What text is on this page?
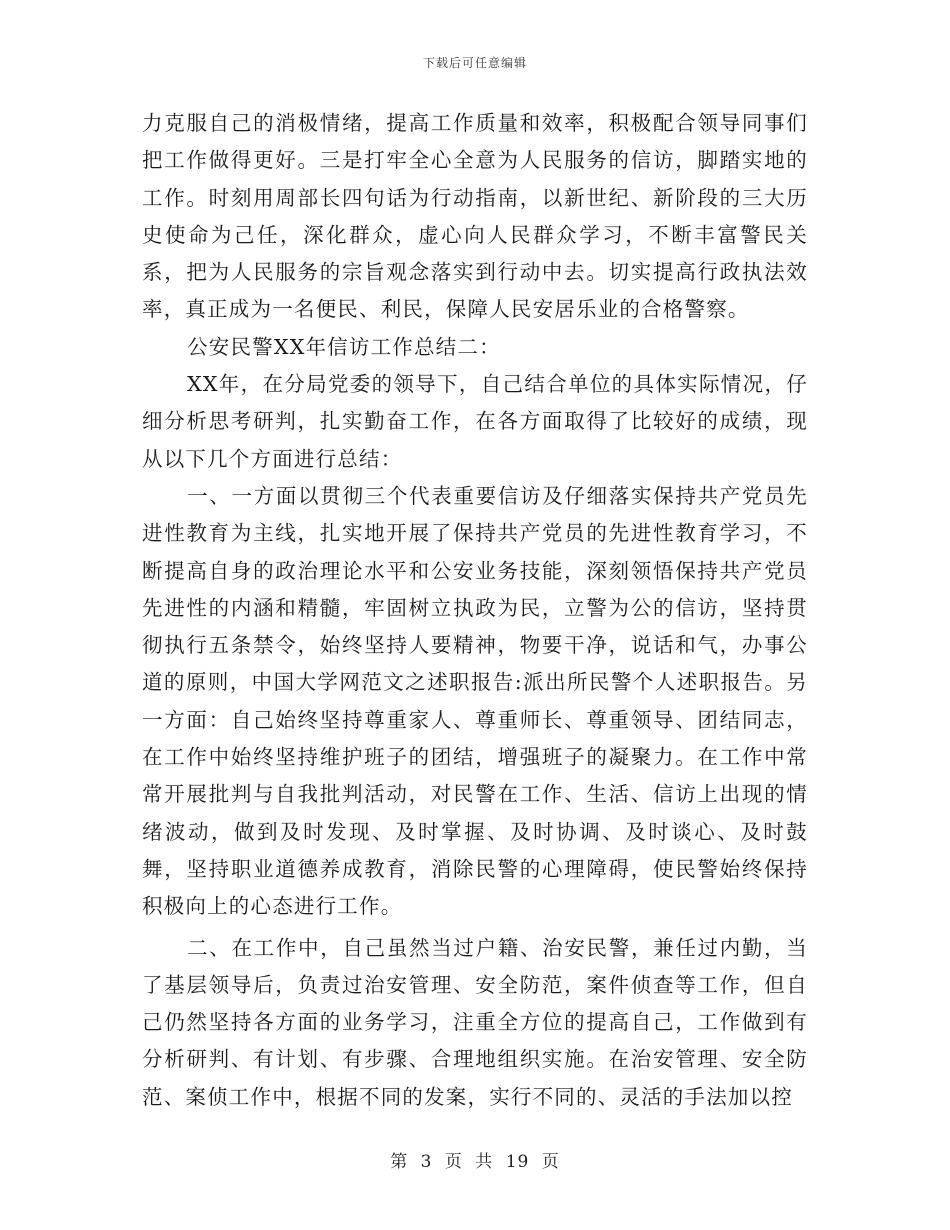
下载后可任意编辑

力克服自己的消极情绪，提高工作质量和效率，积极配合领导同事们把工作做得更好。三是打牢全心全意为人民服务的信访，脚踏实地的工作。时刻用周部长四句话为行动指南，以新世纪、新阶段的三大历史使命为己任，深化群众，虚心向人民群众学习，不断丰富警民关系，把为人民服务的宗旨观念落实到行动中去。切实提高行政执法效率，真正成为一名便民、利民，保障人民安居乐业的合格警察。

公安民警XX年信访工作总结二：

XX年，在分局党委的领导下，自己结合单位的具体实际情况，仔细分析思考研判，扎实勤奋工作，在各方面取得了比较好的成绩，现从以下几个方面进行总结：

一、一方面以贯彻三个代表重要信访及仔细落实保持共产党员先进性教育为主线，扎实地开展了保持共产党员的先进性教育学习，不断提高自身的政治理论水平和公安业务技能，深刻领悟保持共产党员先进性的内涵和精髓，牢固树立执政为民，立警为公的信访，坚持贯彻执行五条禁令，始终坚持人要精神，物要干净，说话和气，办事公道的原则，中国大学网范文之述职报告:派出所民警个人述职报告。另一方面：自己始终坚持尊重家人、尊重师长、尊重领导、团结同志，在工作中始终坚持维护班子的团结，增强班子的凝聚力。在工作中常常开展批判与自我批判活动，对民警在工作、生活、信访上出现的情绪波动，做到及时发现、及时掌握、及时协调、及时谈心、及时鼓舞，坚持职业道德养成教育，消除民警的心理障碍，使民警始终保持积极向上的心态进行工作。

二、在工作中，自己虽然当过户籍、治安民警，兼任过内勤，当了基层领导后，负责过治安管理、安全防范，案件侦查等工作，但自己仍然坚持各方面的业务学习，注重全方位的提高自己，工作做到有分析研判、有计划、有步骤、合理地组织实施。在治安管理、安全防范、案侦工作中，根据不同的发案，实行不同的、灵活的手法加以控

第 3 页 共 19 页
